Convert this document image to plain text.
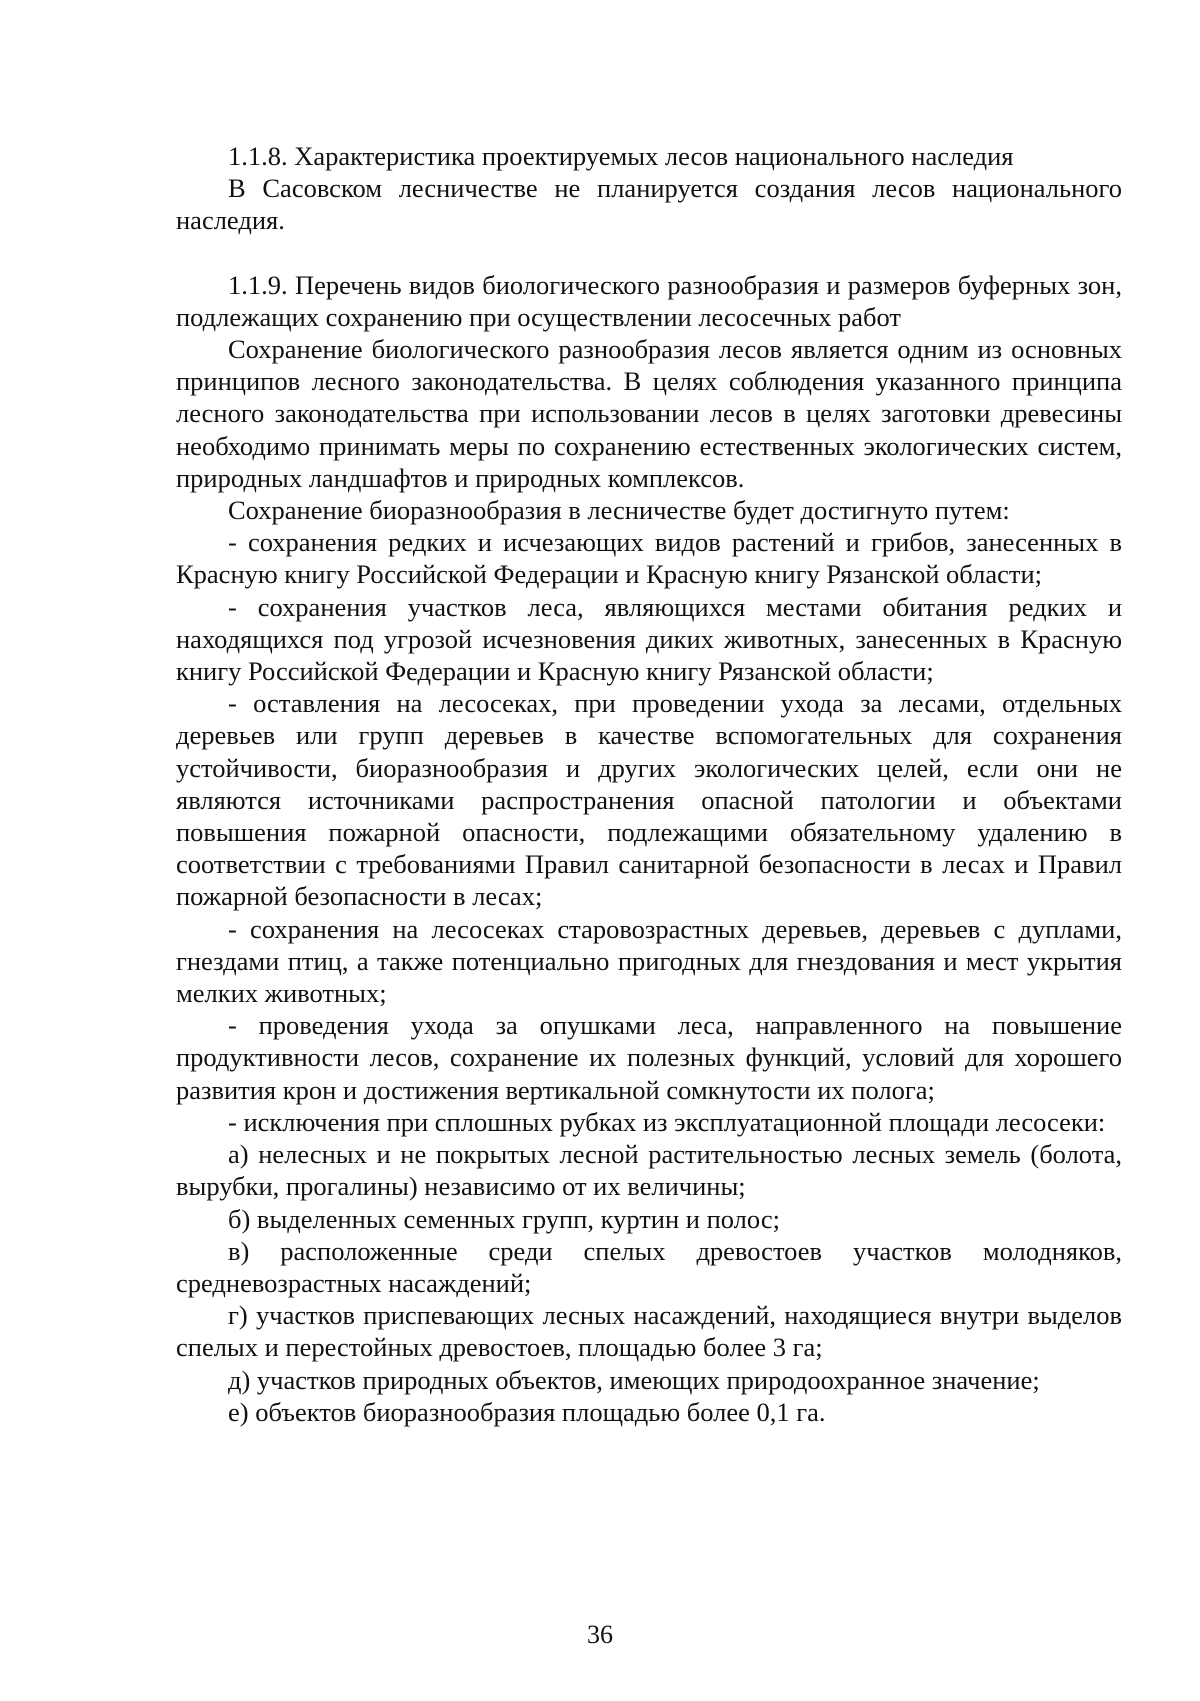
1.1.8. Характеристика проектируемых лесов национального наследия

В Сасовском лесничестве не планируется создания лесов национального наследия.

1.1.9. Перечень видов биологического разнообразия и размеров буферных зон, подлежащих сохранению при осуществлении лесосечных работ

Сохранение биологического разнообразия лесов является одним из основных принципов лесного законодательства. В целях соблюдения указанного принципа лесного законодательства при использовании лесов в целях заготовки древесины необходимо принимать меры по сохранению естественных экологических систем, природных ландшафтов и природных комплексов.

Сохранение биоразнообразия в лесничестве будет достигнуто путем:

- сохранения редких и исчезающих видов растений и грибов, занесенных в Красную книгу Российской Федерации и Красную книгу Рязанской области;

- сохранения участков леса, являющихся местами обитания редких и находящихся под угрозой исчезновения диких животных, занесенных в Красную книгу Российской Федерации и Красную книгу Рязанской области;

- оставления на лесосеках, при проведении ухода за лесами, отдельных деревьев или групп деревьев в качестве вспомогательных для сохранения устойчивости, биоразнообразия и других экологических целей, если они не являются источниками распространения опасной патологии и объектами повышения пожарной опасности, подлежащими обязательному удалению в соответствии с требованиями Правил санитарной безопасности в лесах и Правил пожарной безопасности в лесах;

- сохранения на лесосеках старовозрастных деревьев, деревьев с дуплами, гнездами птиц, а также потенциально пригодных для гнездования и мест укрытия мелких животных;

- проведения ухода за опушками леса, направленного на повышение продуктивности лесов, сохранение их полезных функций, условий для хорошего развития крон и достижения вертикальной сомкнутости их полога;

- исключения при сплошных рубках из эксплуатационной площади лесосеки:

а) нелесных и не покрытых лесной растительностью лесных земель (болота, вырубки, прогалины) независимо от их величины;

б) выделенных семенных групп, куртин и полос;

в) расположенные среди спелых древостоев участков молодняков, средневозрастных насаждений;

г) участков приспевающих лесных насаждений, находящиеся внутри выделов спелых и перестойных древостоев, площадью более 3 га;

д) участков природных объектов, имеющих природоохранное значение;

е) объектов биоразнообразия площадью более 0,1 га.

36
